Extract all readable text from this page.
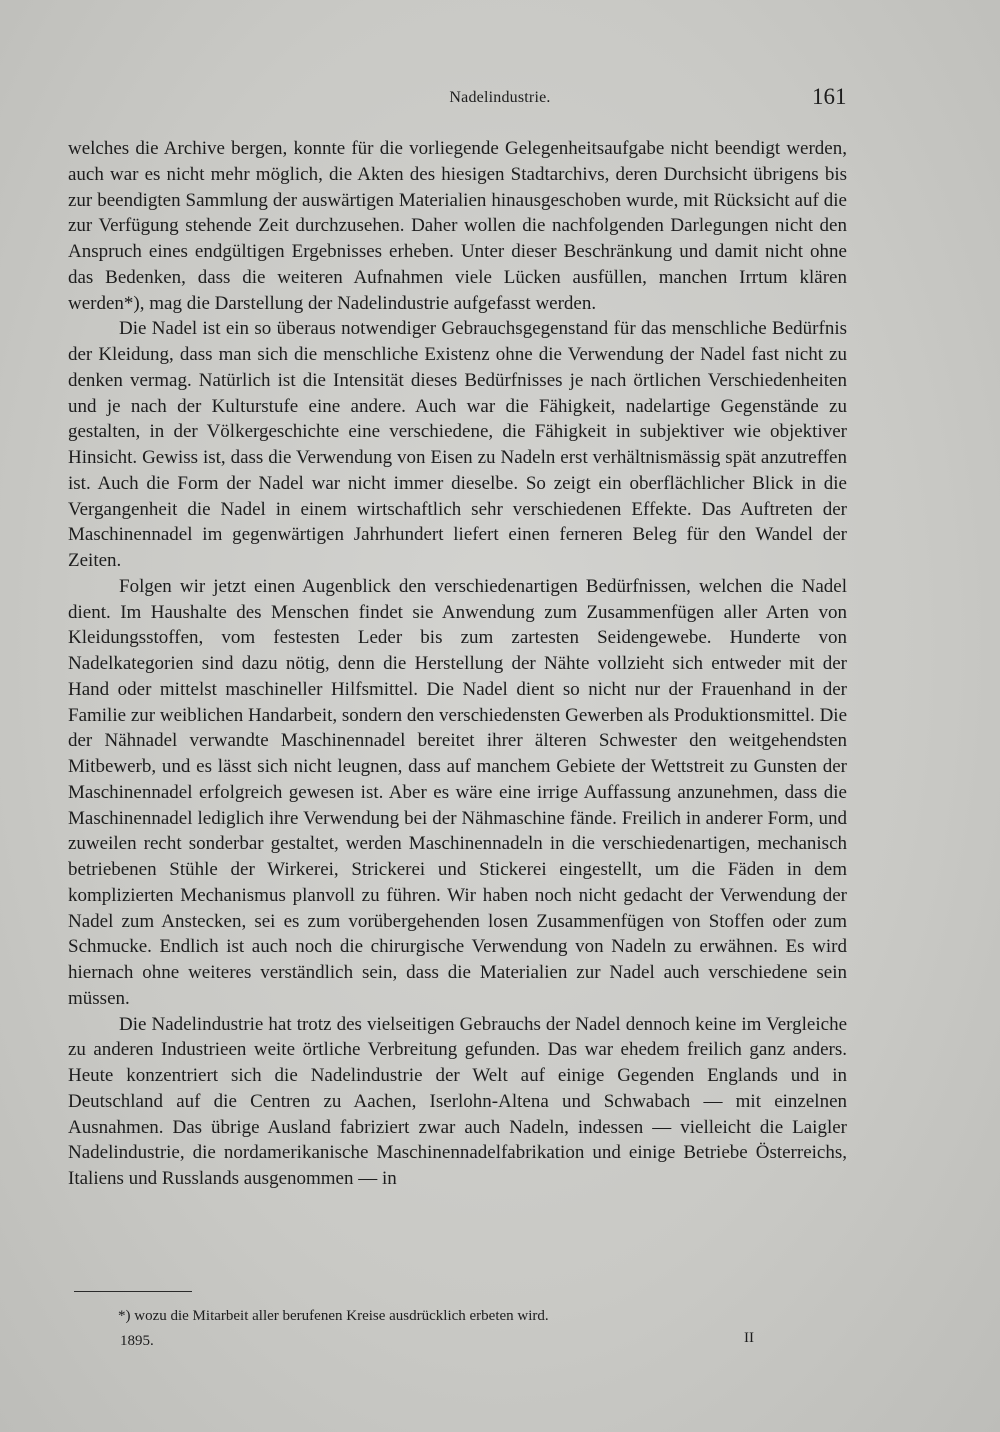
Nadelindustrie.	161

welches die Archive bergen, konnte für die vorliegende Gelegenheitsaufgabe nicht beendigt werden, auch war es nicht mehr möglich, die Akten des hiesigen Stadtarchivs, deren Durchsicht übrigens bis zur beendigten Sammlung der auswärtigen Materialien hinausgeschoben wurde, mit Rücksicht auf die zur Verfügung stehende Zeit durchzusehen. Daher wollen die nachfolgenden Darlegungen nicht den Anspruch eines endgültigen Ergebnisses erheben. Unter dieser Beschränkung und damit nicht ohne das Bedenken, dass die weiteren Aufnahmen viele Lücken ausfüllen, manchen Irrtum klären werden*), mag die Darstellung der Nadelindustrie aufgefasst werden.

Die Nadel ist ein so überaus notwendiger Gebrauchsgegenstand für das menschliche Bedürfnis der Kleidung, dass man sich die menschliche Existenz ohne die Verwendung der Nadel fast nicht zu denken vermag. Natürlich ist die Intensität dieses Bedürfnisses je nach örtlichen Verschiedenheiten und je nach der Kulturstufe eine andere. Auch war die Fähigkeit, nadelartige Gegenstände zu gestalten, in der Völkergeschichte eine verschiedene, die Fähigkeit in subjektiver wie objektiver Hinsicht. Gewiss ist, dass die Verwendung von Eisen zu Nadeln erst verhältnismässig spät anzutreffen ist. Auch die Form der Nadel war nicht immer dieselbe. So zeigt ein oberflächlicher Blick in die Vergangenheit die Nadel in einem wirtschaftlich sehr verschiedenen Effekte. Das Auftreten der Maschinennadel im gegenwärtigen Jahrhundert liefert einen ferneren Beleg für den Wandel der Zeiten.

Folgen wir jetzt einen Augenblick den verschiedenartigen Bedürfnissen, welchen die Nadel dient. Im Haushalte des Menschen findet sie Anwendung zum Zusammenfügen aller Arten von Kleidungsstoffen, vom festesten Leder bis zum zartesten Seidengewebe. Hunderte von Nadelkategorien sind dazu nötig, denn die Herstellung der Nähte vollzieht sich entweder mit der Hand oder mittelst maschineller Hilfsmittel. Die Nadel dient so nicht nur der Frauenhand in der Familie zur weiblichen Handarbeit, sondern den verschiedensten Gewerben als Produktionsmittel. Die der Nähnadel verwandte Maschinennadel bereitet ihrer älteren Schwester den weitgehendsten Mitbewerb, und es lässt sich nicht leugnen, dass auf manchem Gebiete der Wettstreit zu Gunsten der Maschinennadel erfolgreich gewesen ist. Aber es wäre eine irrige Auffassung anzunehmen, dass die Maschinennadel lediglich ihre Verwendung bei der Nähmaschine fände. Freilich in anderer Form, und zuweilen recht sonderbar gestaltet, werden Maschinennadeln in die verschiedenartigen, mechanisch betriebenen Stühle der Wirkerei, Strickerei und Stickerei eingestellt, um die Fäden in dem komplizierten Mechanismus planvoll zu führen. Wir haben noch nicht gedacht der Verwendung der Nadel zum Anstecken, sei es zum vorübergehenden losen Zusammenfügen von Stoffen oder zum Schmucke. Endlich ist auch noch die chirurgische Verwendung von Nadeln zu erwähnen. Es wird hiernach ohne weiteres verständlich sein, dass die Materialien zur Nadel auch verschiedene sein müssen.

Die Nadelindustrie hat trotz des vielseitigen Gebrauchs der Nadel dennoch keine im Vergleiche zu anderen Industrieen weite örtliche Verbreitung gefunden. Das war ehedem freilich ganz anders. Heute konzentriert sich die Nadelindustrie der Welt auf einige Gegenden Englands und in Deutschland auf die Centren zu Aachen, Iserlohn-Altena und Schwabach — mit einzelnen Ausnahmen. Das übrige Ausland fabriziert zwar auch Nadeln, indessen — vielleicht die Laigler Nadelindustrie, die nordamerikanische Maschinennadelfabrikation und einige Betriebe Österreichs, Italiens und Russlands ausgenommen — in

*) wozu die Mitarbeit aller berufenen Kreise ausdrücklich erbeten wird.
1895.	II
